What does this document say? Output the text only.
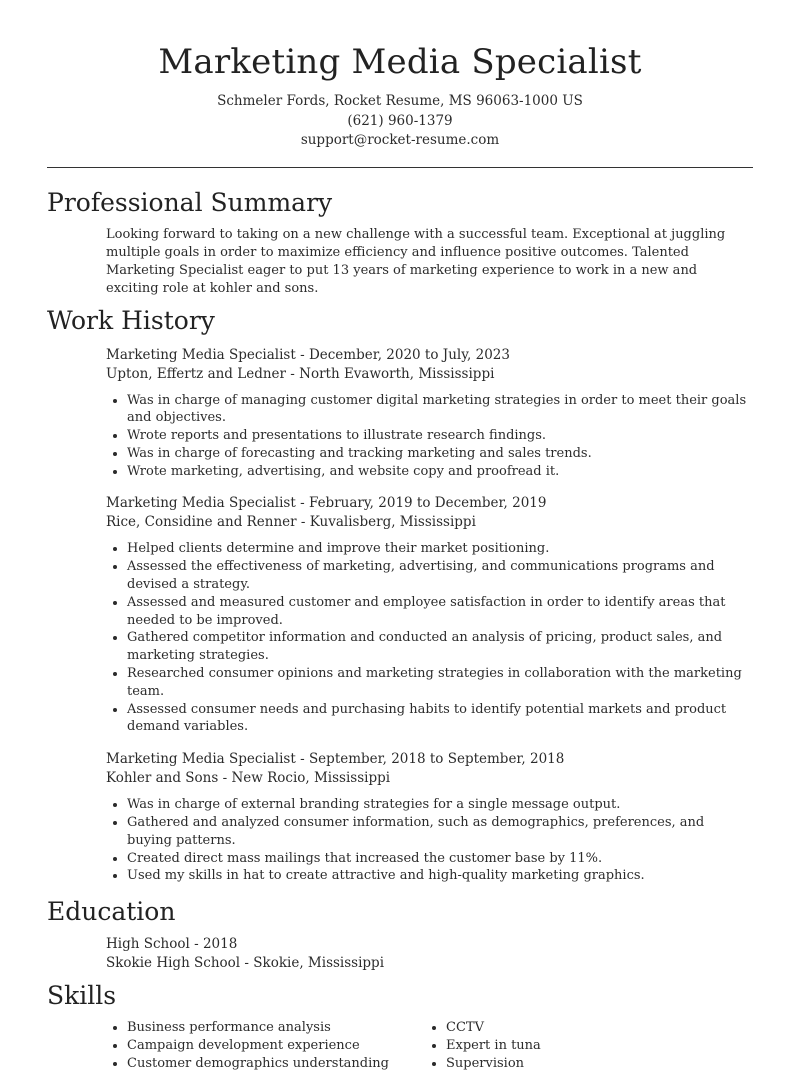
Marketing Media Specialist
Schmeler Fords, Rocket Resume, MS 96063-1000 US
(621) 960-1379
support@rocket-resume.com
Professional Summary

Looking forward to taking on a new challenge with a successful team. Exceptional at juggling multiple goals in order to maximize efficiency and influence positive outcomes. Talented Marketing Specialist eager to put 13 years of marketing experience to work in a new and exciting role at kohler and sons.

Work History
Marketing Media Specialist - December, 2020 to July, 2023
Upton, Effertz and Ledner - North Evaworth, Mississippi
• Was in charge of managing customer digital marketing strategies in order to meet their goals and objectives.
• Wrote reports and presentations to illustrate research findings.
• Was in charge of forecasting and tracking marketing and sales trends.
• Wrote marketing, advertising, and website copy and proofread it.
Marketing Media Specialist - February, 2019 to December, 2019
Rice, Considine and Renner - Kuvalisberg, Mississippi
• Helped clients determine and improve their market positioning.
• Assessed the effectiveness of marketing, advertising, and communications programs and devised a strategy.
• Assessed and measured customer and employee satisfaction in order to identify areas that needed to be improved.
• Gathered competitor information and conducted an analysis of pricing, product sales, and marketing strategies.
• Researched consumer opinions and marketing strategies in collaboration with the marketing team.
• Assessed consumer needs and purchasing habits to identify potential markets and product demand variables.
Marketing Media Specialist - September, 2018 to September, 2018
Kohler and Sons - New Rocio, Mississippi
• Was in charge of external branding strategies for a single message output.
• Gathered and analyzed consumer information, such as demographics, preferences, and buying patterns.
• Created direct mass mailings that increased the customer base by 11%.
• Used my skills in hat to create attractive and high-quality marketing graphics.
Education
High School - 2018
Skokie High School - Skokie, Mississippi
Skills
• Business performance analysis
• Campaign development experience
• Customer demographics understanding
• CCTV
• Expert in tuna
• Supervision
